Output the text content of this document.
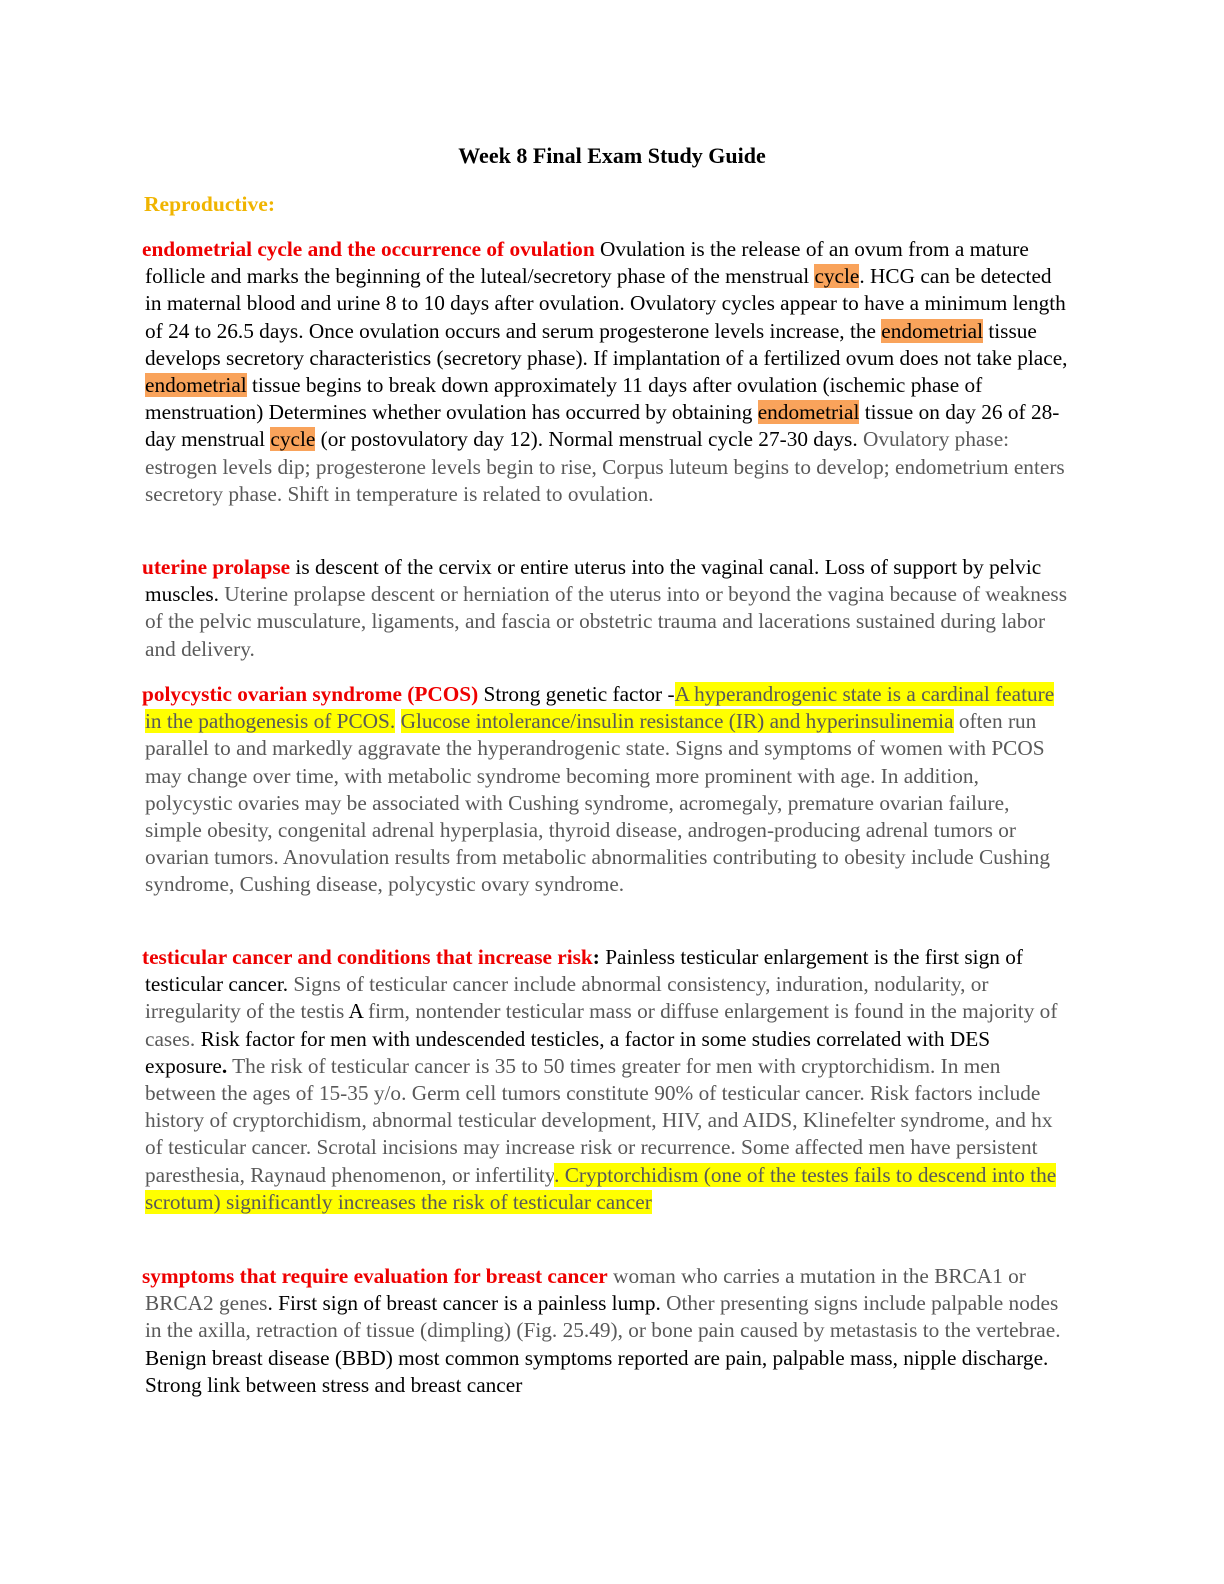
Week 8 Final Exam Study Guide
Reproductive:
endometrial cycle and the occurrence of ovulation Ovulation is the release of an ovum from a mature follicle and marks the beginning of the luteal/secretory phase of the menstrual cycle. HCG can be detected in maternal blood and urine 8 to 10 days after ovulation. Ovulatory cycles appear to have a minimum length of 24 to 26.5 days. Once ovulation occurs and serum progesterone levels increase, the endometrial tissue develops secretory characteristics (secretory phase). If implantation of a fertilized ovum does not take place, endometrial tissue begins to break down approximately 11 days after ovulation (ischemic phase of menstruation) Determines whether ovulation has occurred by obtaining endometrial tissue on day 26 of 28-day menstrual cycle (or postovulatory day 12). Normal menstrual cycle 27-30 days. Ovulatory phase: estrogen levels dip; progesterone levels begin to rise, Corpus luteum begins to develop; endometrium enters secretory phase. Shift in temperature is related to ovulation.
uterine prolapse is descent of the cervix or entire uterus into the vaginal canal. Loss of support by pelvic muscles. Uterine prolapse descent or herniation of the uterus into or beyond the vagina because of weakness of the pelvic musculature, ligaments, and fascia or obstetric trauma and lacerations sustained during labor and delivery.
polycystic ovarian syndrome (PCOS) Strong genetic factor -A hyperandrogenic state is a cardinal feature in the pathogenesis of PCOS. Glucose intolerance/insulin resistance (IR) and hyperinsulinemia often run parallel to and markedly aggravate the hyperandrogenic state. Signs and symptoms of women with PCOS may change over time, with metabolic syndrome becoming more prominent with age. In addition, polycystic ovaries may be associated with Cushing syndrome, acromegaly, premature ovarian failure, simple obesity, congenital adrenal hyperplasia, thyroid disease, androgen-producing adrenal tumors or ovarian tumors. Anovulation results from metabolic abnormalities contributing to obesity include Cushing syndrome, Cushing disease, polycystic ovary syndrome.
testicular cancer and conditions that increase risk: Painless testicular enlargement is the first sign of testicular cancer. Signs of testicular cancer include abnormal consistency, induration, nodularity, or irregularity of the testis A firm, nontender testicular mass or diffuse enlargement is found in the majority of cases. Risk factor for men with undescended testicles, a factor in some studies correlated with DES exposure. The risk of testicular cancer is 35 to 50 times greater for men with cryptorchidism. In men between the ages of 15-35 y/o. Germ cell tumors constitute 90% of testicular cancer. Risk factors include history of cryptorchidism, abnormal testicular development, HIV, and AIDS, Klinefelter syndrome, and hx of testicular cancer. Scrotal incisions may increase risk or recurrence. Some affected men have persistent paresthesia, Raynaud phenomenon, or infertility. Cryptorchidism (one of the testes fails to descend into the scrotum) significantly increases the risk of testicular cancer
symptoms that require evaluation for breast cancer woman who carries a mutation in the BRCA1 or BRCA2 genes. First sign of breast cancer is a painless lump. Other presenting signs include palpable nodes in the axilla, retraction of tissue (dimpling) (Fig. 25.49), or bone pain caused by metastasis to the vertebrae. Benign breast disease (BBD) most common symptoms reported are pain, palpable mass, nipple discharge. Strong link between stress and breast cancer
